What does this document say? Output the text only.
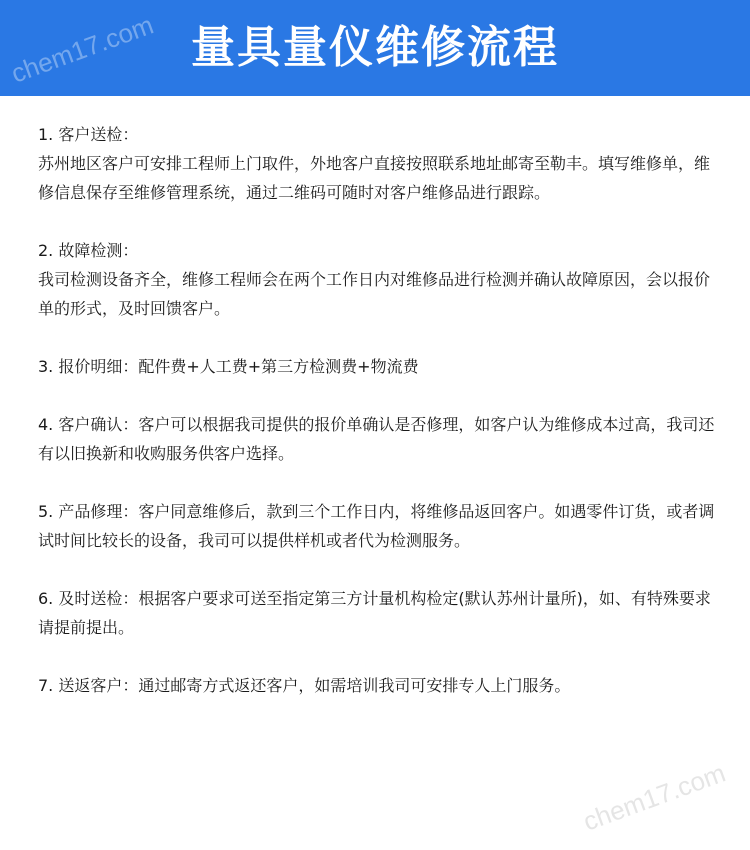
量具量仪维修流程
chem17.com

1. 客户送检：

苏州地区客户可安排工程师上门取件，外地客户直接按照联系地址邮寄至勒丰。填写维修单，维修信息保存至维修管理系统，通过二维码可随时对客户维修品进行跟踪。

2. 故障检测：

我司检测设备齐全，维修工程师会在两个工作日内对维修品进行检测并确认故障原因，会以报价单的形式，及时回馈客户。

3. 报价明细：配件费+人工费+第三方检测费+物流费

4. 客户确认：客户可以根据我司提供的报价单确认是否修理，如客户认为维修成本过高，我司还有以旧换新和收购服务供客户选择。

5. 产品修理：客户同意维修后，款到三个工作日内，将维修品返回客户。如遇零件订货，或者调试时间比较长的设备，我司可以提供样机或者代为检测服务。

6. 及时送检：根据客户要求可送至指定第三方计量机构检定(默认苏州计量所)，如、有特殊要求请提前提出。

7. 送返客户：通过邮寄方式返还客户，如需培训我司可安排专人上门服务。

chem17.com
